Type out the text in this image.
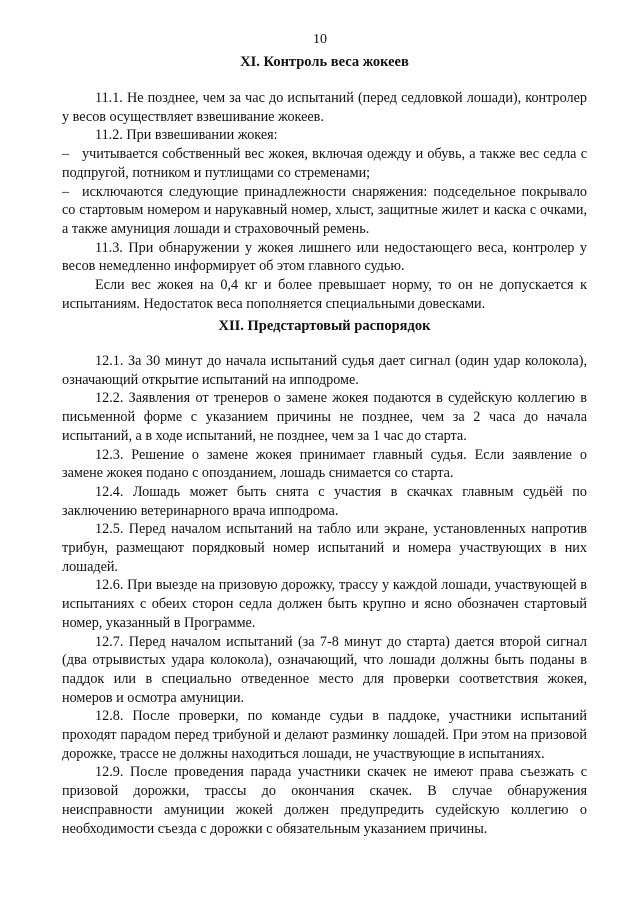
10
XI. Контроль веса жокеев

11.1. Не позднее, чем за час до испытаний (перед седловкой лошади), контролер у весов осуществляет взвешивание жокеев.

11.2. При взвешивании жокея:

– учитывается собственный вес жокея, включая одежду и обувь, а также вес седла с подпругой, потником и путлищами со стременами;

– исключаются следующие принадлежности снаряжения: подседельное покрывало со стартовым номером и нарукавный номер, хлыст, защитные жилет и каска с очками, а также амуниция лошади и страховочный ремень.

11.3. При обнаружении у жокея лишнего или недостающего веса, контролер у весов немедленно информирует об этом главного судью.

Если вес жокея на 0,4 кг и более превышает норму, то он не допускается к испытаниям. Недостаток веса пополняется специальными довесками.

XII. Предстартовый распорядок

12.1. За 30 минут до начала испытаний судья дает сигнал (один удар колокола), означающий открытие испытаний на ипподроме.

12.2. Заявления от тренеров о замене жокея подаются в судейскую коллегию в письменной форме с указанием причины не позднее, чем за 2 часа до начала испытаний, а в ходе испытаний, не позднее, чем за 1 час до старта.

12.3. Решение о замене жокея принимает главный судья. Если заявление о замене жокея подано с опозданием, лошадь снимается со старта.

12.4. Лошадь может быть снята с участия в скачках главным судьёй по заключению ветеринарного врача ипподрома.

12.5. Перед началом испытаний на табло или экране, установленных напротив трибун, размещают порядковый номер испытаний и номера участвующих в них лошадей.

12.6. При выезде на призовую дорожку, трассу у каждой лошади, участвующей в испытаниях с обеих сторон седла должен быть крупно и ясно обозначен стартовый номер, указанный в Программе.

12.7. Перед началом испытаний (за 7-8 минут до старта) дается второй сигнал (два отрывистых удара колокола), означающий, что лошади должны быть поданы в паддок или в специально отведенное место для проверки соответствия жокея, номеров и осмотра амуниции.

12.8. После проверки, по команде судьи в паддоке, участники испытаний проходят парадом перед трибуной и делают разминку лошадей. При этом на призовой дорожке, трассе не должны находиться лошади, не участвующие в испытаниях.

12.9. После проведения парада участники скачек не имеют права съезжать с призовой дорожки, трассы до окончания скачек. В случае обнаружения неисправности амуниции жокей должен предупредить судейскую коллегию о необходимости съезда с дорожки с обязательным указанием причины.
